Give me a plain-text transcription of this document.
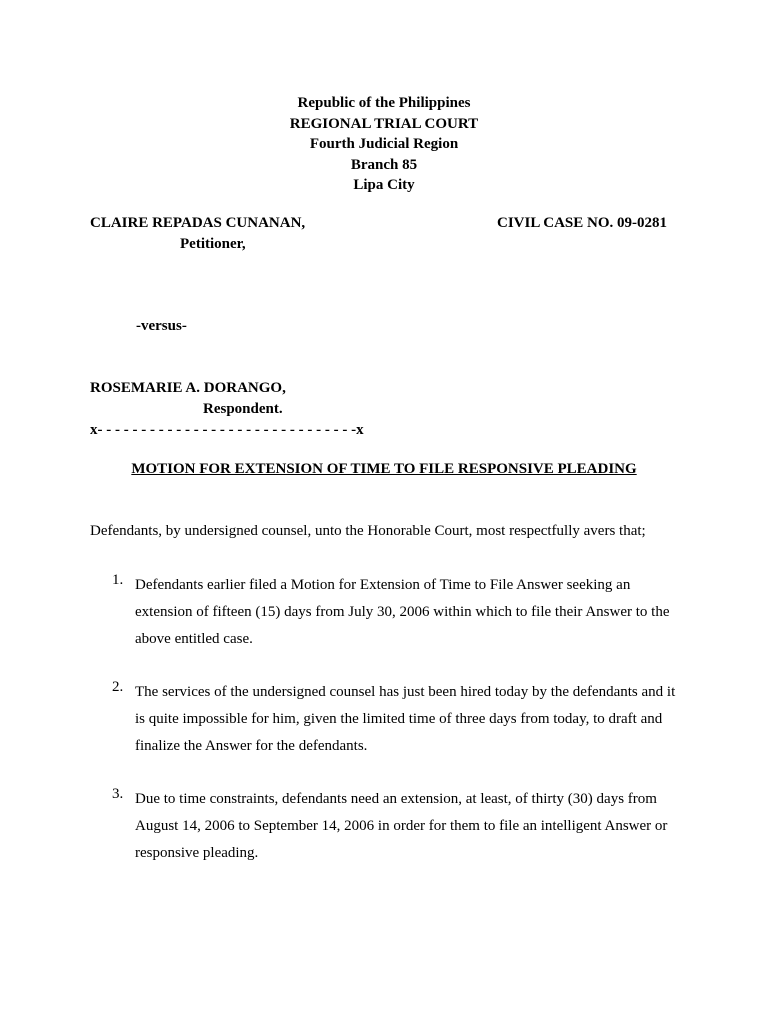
Republic of the Philippines
REGIONAL TRIAL COURT
Fourth Judicial Region
Branch 85
Lipa City
CLAIRE REPADAS CUNANAN,
Petitioner,
CIVIL CASE NO. 09-0281
-versus-
ROSEMARIE A. DORANGO,
Respondent.
x- - - - - - - - - - - - - - - - - - - - - - - - - - - - - -x
MOTION FOR EXTENSION OF TIME TO FILE RESPONSIVE PLEADING
Defendants, by undersigned counsel, unto the Honorable Court, most respectfully avers that;
1. Defendants earlier filed a Motion for Extension of Time to File Answer seeking an extension of fifteen (15) days from July 30, 2006 within which to file their Answer to the above entitled case.
2. The services of the undersigned counsel has just been hired today by the defendants and it is quite impossible for him, given the limited time of three days from today, to draft and finalize the Answer for the defendants.
3. Due to time constraints, defendants need an extension, at least, of thirty (30) days from August 14, 2006 to September 14, 2006 in order for them to file an intelligent Answer or responsive pleading.
